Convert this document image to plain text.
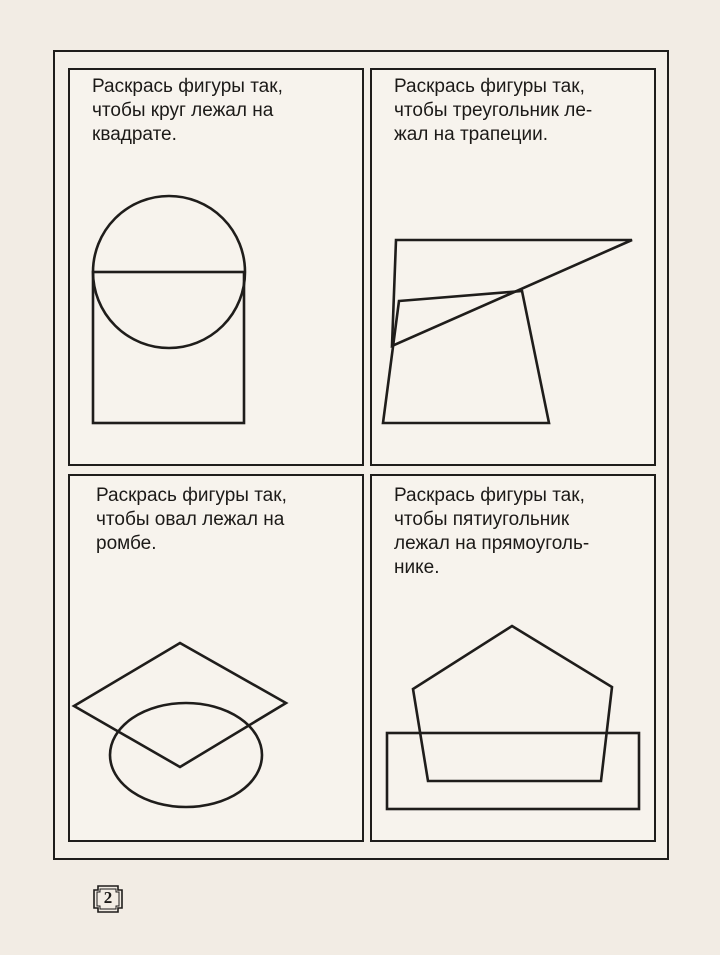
Раскрась фигуры так,
чтобы круг лежал на
квадрате.
Раскрась фигуры так,
чтобы треугольник ле-
жал на трапеции.
Раскрась фигуры так,
чтобы овал лежал на
ромбе.
Раскрась фигуры так,
чтобы пятиугольник
лежал на прямоуголь-
нике.
2
